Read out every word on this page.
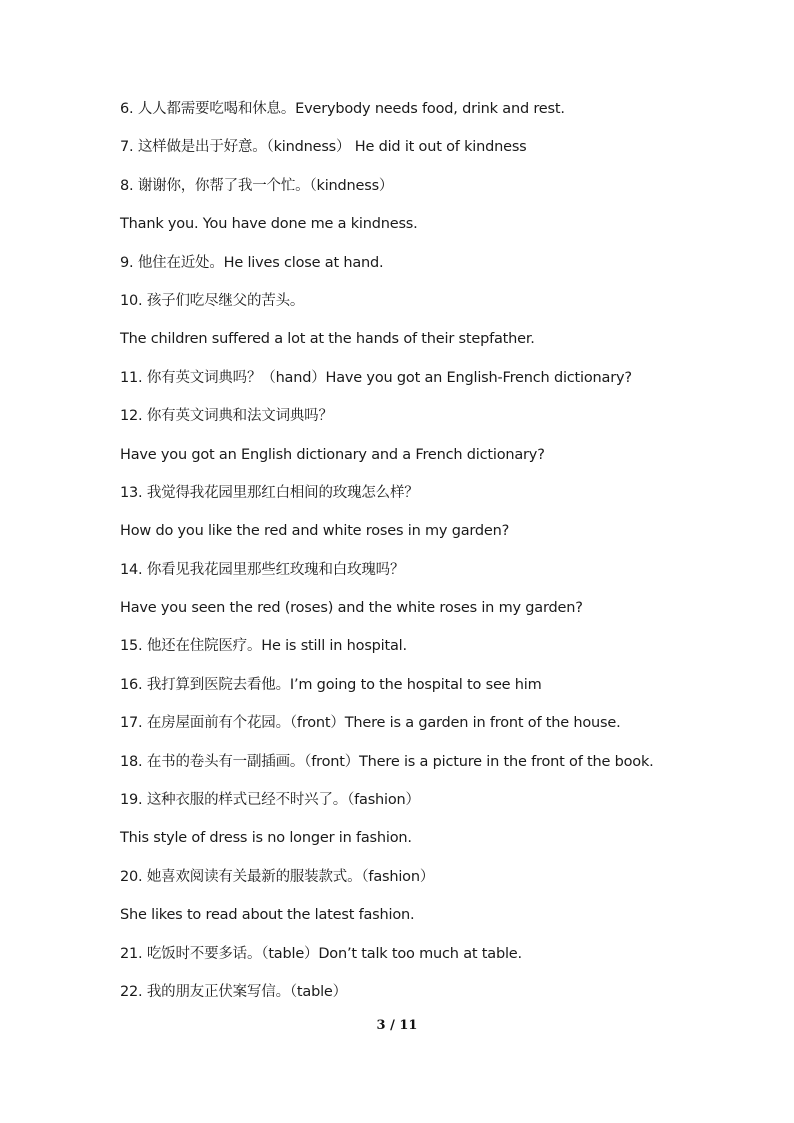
6. 人人都需要吃喝和休息。Everybody needs food, drink and rest.
7. 这样做是出于好意。（kindness） He did it out of kindness
8. 谢谢你，你帮了我一个忙。（kindness）
Thank you. You have done me a kindness.
9. 他住在近处。He lives close at hand.
10. 孩子们吃尽继父的苦头。
The children suffered a lot at the hands of their stepfather.
11. 你有英文词典吗？（hand）Have you got an English-French dictionary?
12. 你有英文词典和法文词典吗？
Have you got an English dictionary and a French dictionary?
13. 我觉得我花园里那红白相间的玫瑰怎么样？
How do you like the red and white roses in my garden?
14. 你看见我花园里那些红玫瑰和白玫瑰吗？
Have you seen the red (roses) and the white roses in my garden?
15. 他还在住院医疗。He is still in hospital.
16. 我打算到医院去看他。I’m going to the hospital to see him
17. 在房屋面前有个花园。（front）There is a garden in front of the house.
18. 在书的卷头有一副插画。（front）There is a picture in the front of the book.
19. 这种衣服的样式已经不时兴了。（fashion）
This style of dress is no longer in fashion.
20. 她喜欢阅读有关最新的服装款式。（fashion）
She likes to read about the latest fashion.
21. 吃饭时不要多话。（table）Don’t talk too much at table.
22. 我的朋友正伏案写信。（table）
3 / 11
